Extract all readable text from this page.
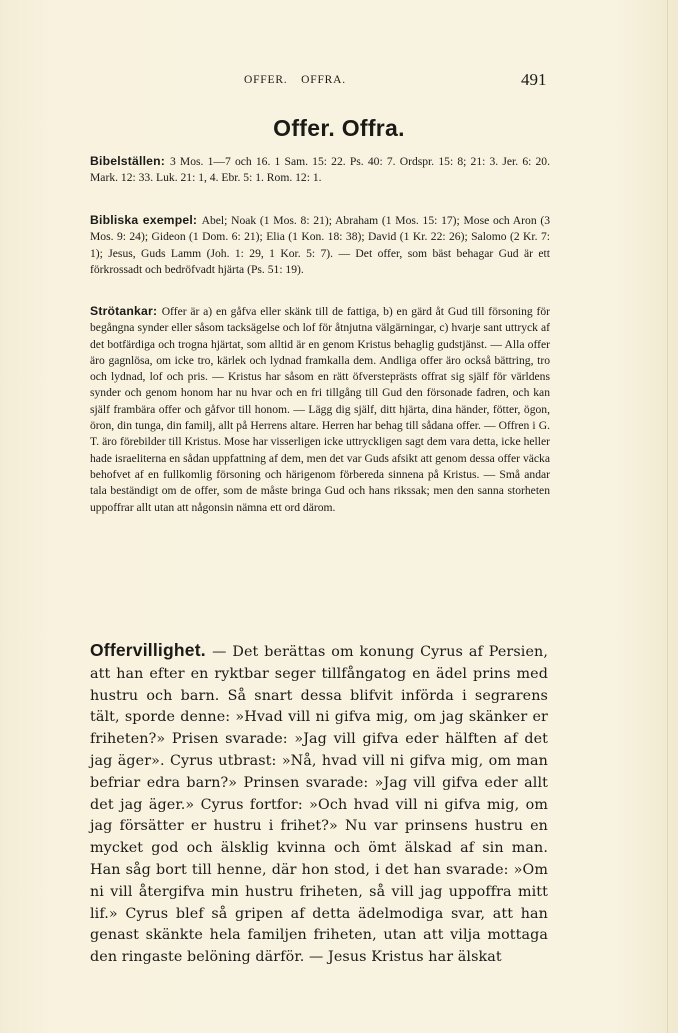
OFFER. OFFRA.	491
Offer. Offra.
Bibelställen: 3 Mos. 1—7 och 16. 1 Sam. 15: 22. Ps. 40: 7. Ordspr. 15: 8; 21: 3. Jer. 6: 20. Mark. 12: 33. Luk. 21: 1, 4. Ebr. 5: 1. Rom. 12: 1.
Bibliska exempel: Abel; Noak (1 Mos. 8: 21); Abraham (1 Mos. 15: 17); Mose och Aron (3 Mos. 9: 24); Gideon (1 Dom. 6: 21); Elia (1 Kon. 18: 38); David (1 Kr. 22: 26); Salomo (2 Kr. 7: 1); Jesus, Guds Lamm (Joh. 1: 29, 1 Kor. 5: 7). — Det offer, som bäst behagar Gud är ett förkrossadt och bedröfvadt hjärta (Ps. 51: 19).
Strötankar: Offer är a) en gåfva eller skänk till de fattiga, b) en gärd åt Gud till försoning för begångna synder eller såsom tacksägelse och lof för åtnjutna välgärningar, c) hvarje sant uttryck af det botfärdiga och trogna hjärtat, som alltid är en genom Kristus behaglig gudstjänst. — Alla offer äro gagnlösa, om icke tro, kärlek och lydnad framkalla dem. Andliga offer äro också bättring, tro och lydnad, lof och pris. — Kristus har såsom en rätt öfversteprästs offrat sig själf för världens synder och genom honom har nu hvar och en fri tillgång till Gud den försonade fadren, och kan själf frambära offer och gåfvor till honom. — Lägg dig själf, ditt hjärta, dina händer, fötter, ögon, öron, din tunga, din familj, allt på Herrens altare. Herren har behag till sådana offer. — Offren i G. T. äro förebilder till Kristus. Mose har visserligen icke uttryckligen sagt dem vara detta, icke heller hade israeliterna en sådan uppfattning af dem, men det var Guds afsikt att genom dessa offer väcka behofvet af en fullkomlig försoning och härigenom förbereda sinnena på Kristus. — Små andar tala beständigt om de offer, som de måste bringa Gud och hans rikssak; men den sanna storheten uppoffrar allt utan att någonsin nämna ett ord därom.
Offervillighet. — Det berättas om konung Cyrus af Persien, att han efter en ryktbar seger tillfångatog en ädel prins med hustru och barn. Så snart dessa blifvit införda i segrarens tält, sporde denne: »Hvad vill ni gifva mig, om jag skänker er friheten?» Prisen svarade: »Jag vill gifva eder hälften af det jag äger». Cyrus utbrast: »Nå, hvad vill ni gifva mig, om man befriar edra barn?» Prinsen svarade: »Jag vill gifva eder allt det jag äger.» Cyrus fortfor: »Och hvad vill ni gifva mig, om jag försätter er hustru i frihet?» Nu var prinsens hustru en mycket god och älsklig kvinna och ömt älskad af sin man. Han såg bort till henne, där hon stod, i det han svarade: »Om ni vill återgifva min hustru friheten, så vill jag uppoffra mitt lif.» Cyrus blef så gripen af detta ädelmodiga svar, att han genast skänkte hela familjen friheten, utan att vilja mottaga den ringaste belöning därför. — Jesus Kristus har älskat
